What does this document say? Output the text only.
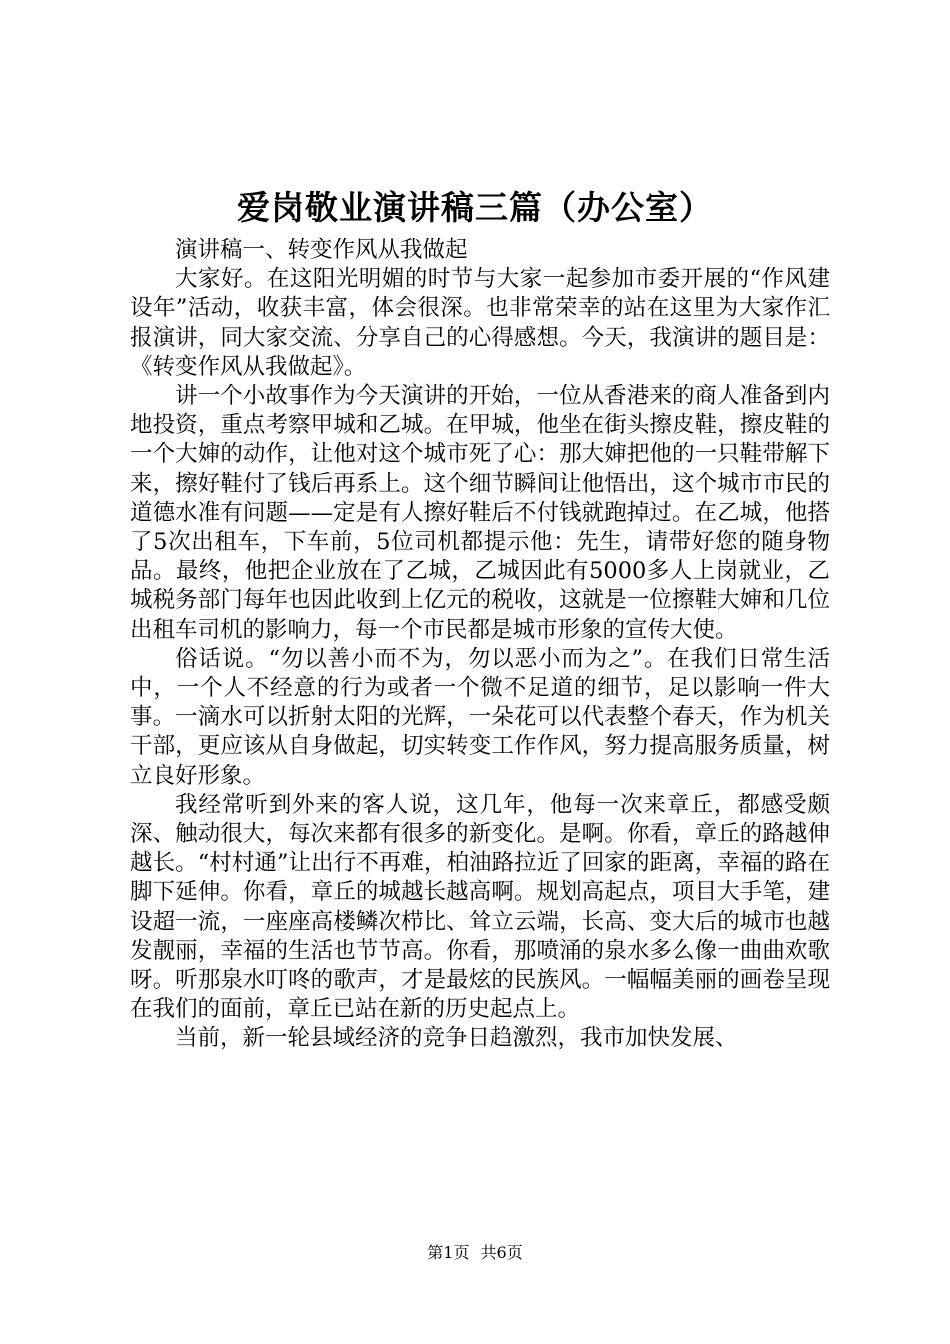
爱岗敬业演讲稿三篇（办公室）

演讲稿一、转变作风从我做起

大家好。在这阳光明媚的时节与大家一起参加市委开展的“作风建设年”活动，收获丰富，体会很深。也非常荣幸的站在这里为大家作汇报演讲，同大家交流、分享自己的心得感想。今天，我演讲的题目是：《转变作风从我做起》。

讲一个小故事作为今天演讲的开始，一位从香港来的商人准备到内地投资，重点考察甲城和乙城。在甲城，他坐在街头擦皮鞋，擦皮鞋的一个大婶的动作，让他对这个城市死了心：那大婶把他的一只鞋带解下来，擦好鞋付了钱后再系上。这个细节瞬间让他悟出，这个城市市民的道德水准有问题——定是有人擦好鞋后不付钱就跑掉过。在乙城，他搭了5次出租车，下车前，5位司机都提示他：先生，请带好您的随身物品。最终，他把企业放在了乙城，乙城因此有5000多人上岗就业，乙城税务部门每年也因此收到上亿元的税收，这就是一位擦鞋大婶和几位出租车司机的影响力，每一个市民都是城市形象的宣传大使。

俗话说。“勿以善小而不为，勿以恶小而为之”。在我们日常生活中，一个人不经意的行为或者一个微不足道的细节，足以影响一件大事。一滴水可以折射太阳的光辉，一朵花可以代表整个春天，作为机关干部，更应该从自身做起，切实转变工作作风，努力提高服务质量，树立良好形象。

我经常听到外来的客人说，这几年，他每一次来章丘，都感受颇深、触动很大，每次来都有很多的新变化。是啊。你看，章丘的路越伸越长。“村村通”让出行不再难，柏油路拉近了回家的距离，幸福的路在脚下延伸。你看，章丘的城越长越高啊。规划高起点，项目大手笔，建设超一流，一座座高楼鳞次栉比、耸立云端，长高、变大后的城市也越发靓丽，幸福的生活也节节高。你看，那喷涌的泉水多么像一曲曲欢歌呀。听那泉水叮咚的歌声，才是最炫的民族风。一幅幅美丽的画卷呈现在我们的面前，章丘已站在新的历史起点上。

当前，新一轮县域经济的竞争日趋激烈，我市加快发展、

第1页 共6页
